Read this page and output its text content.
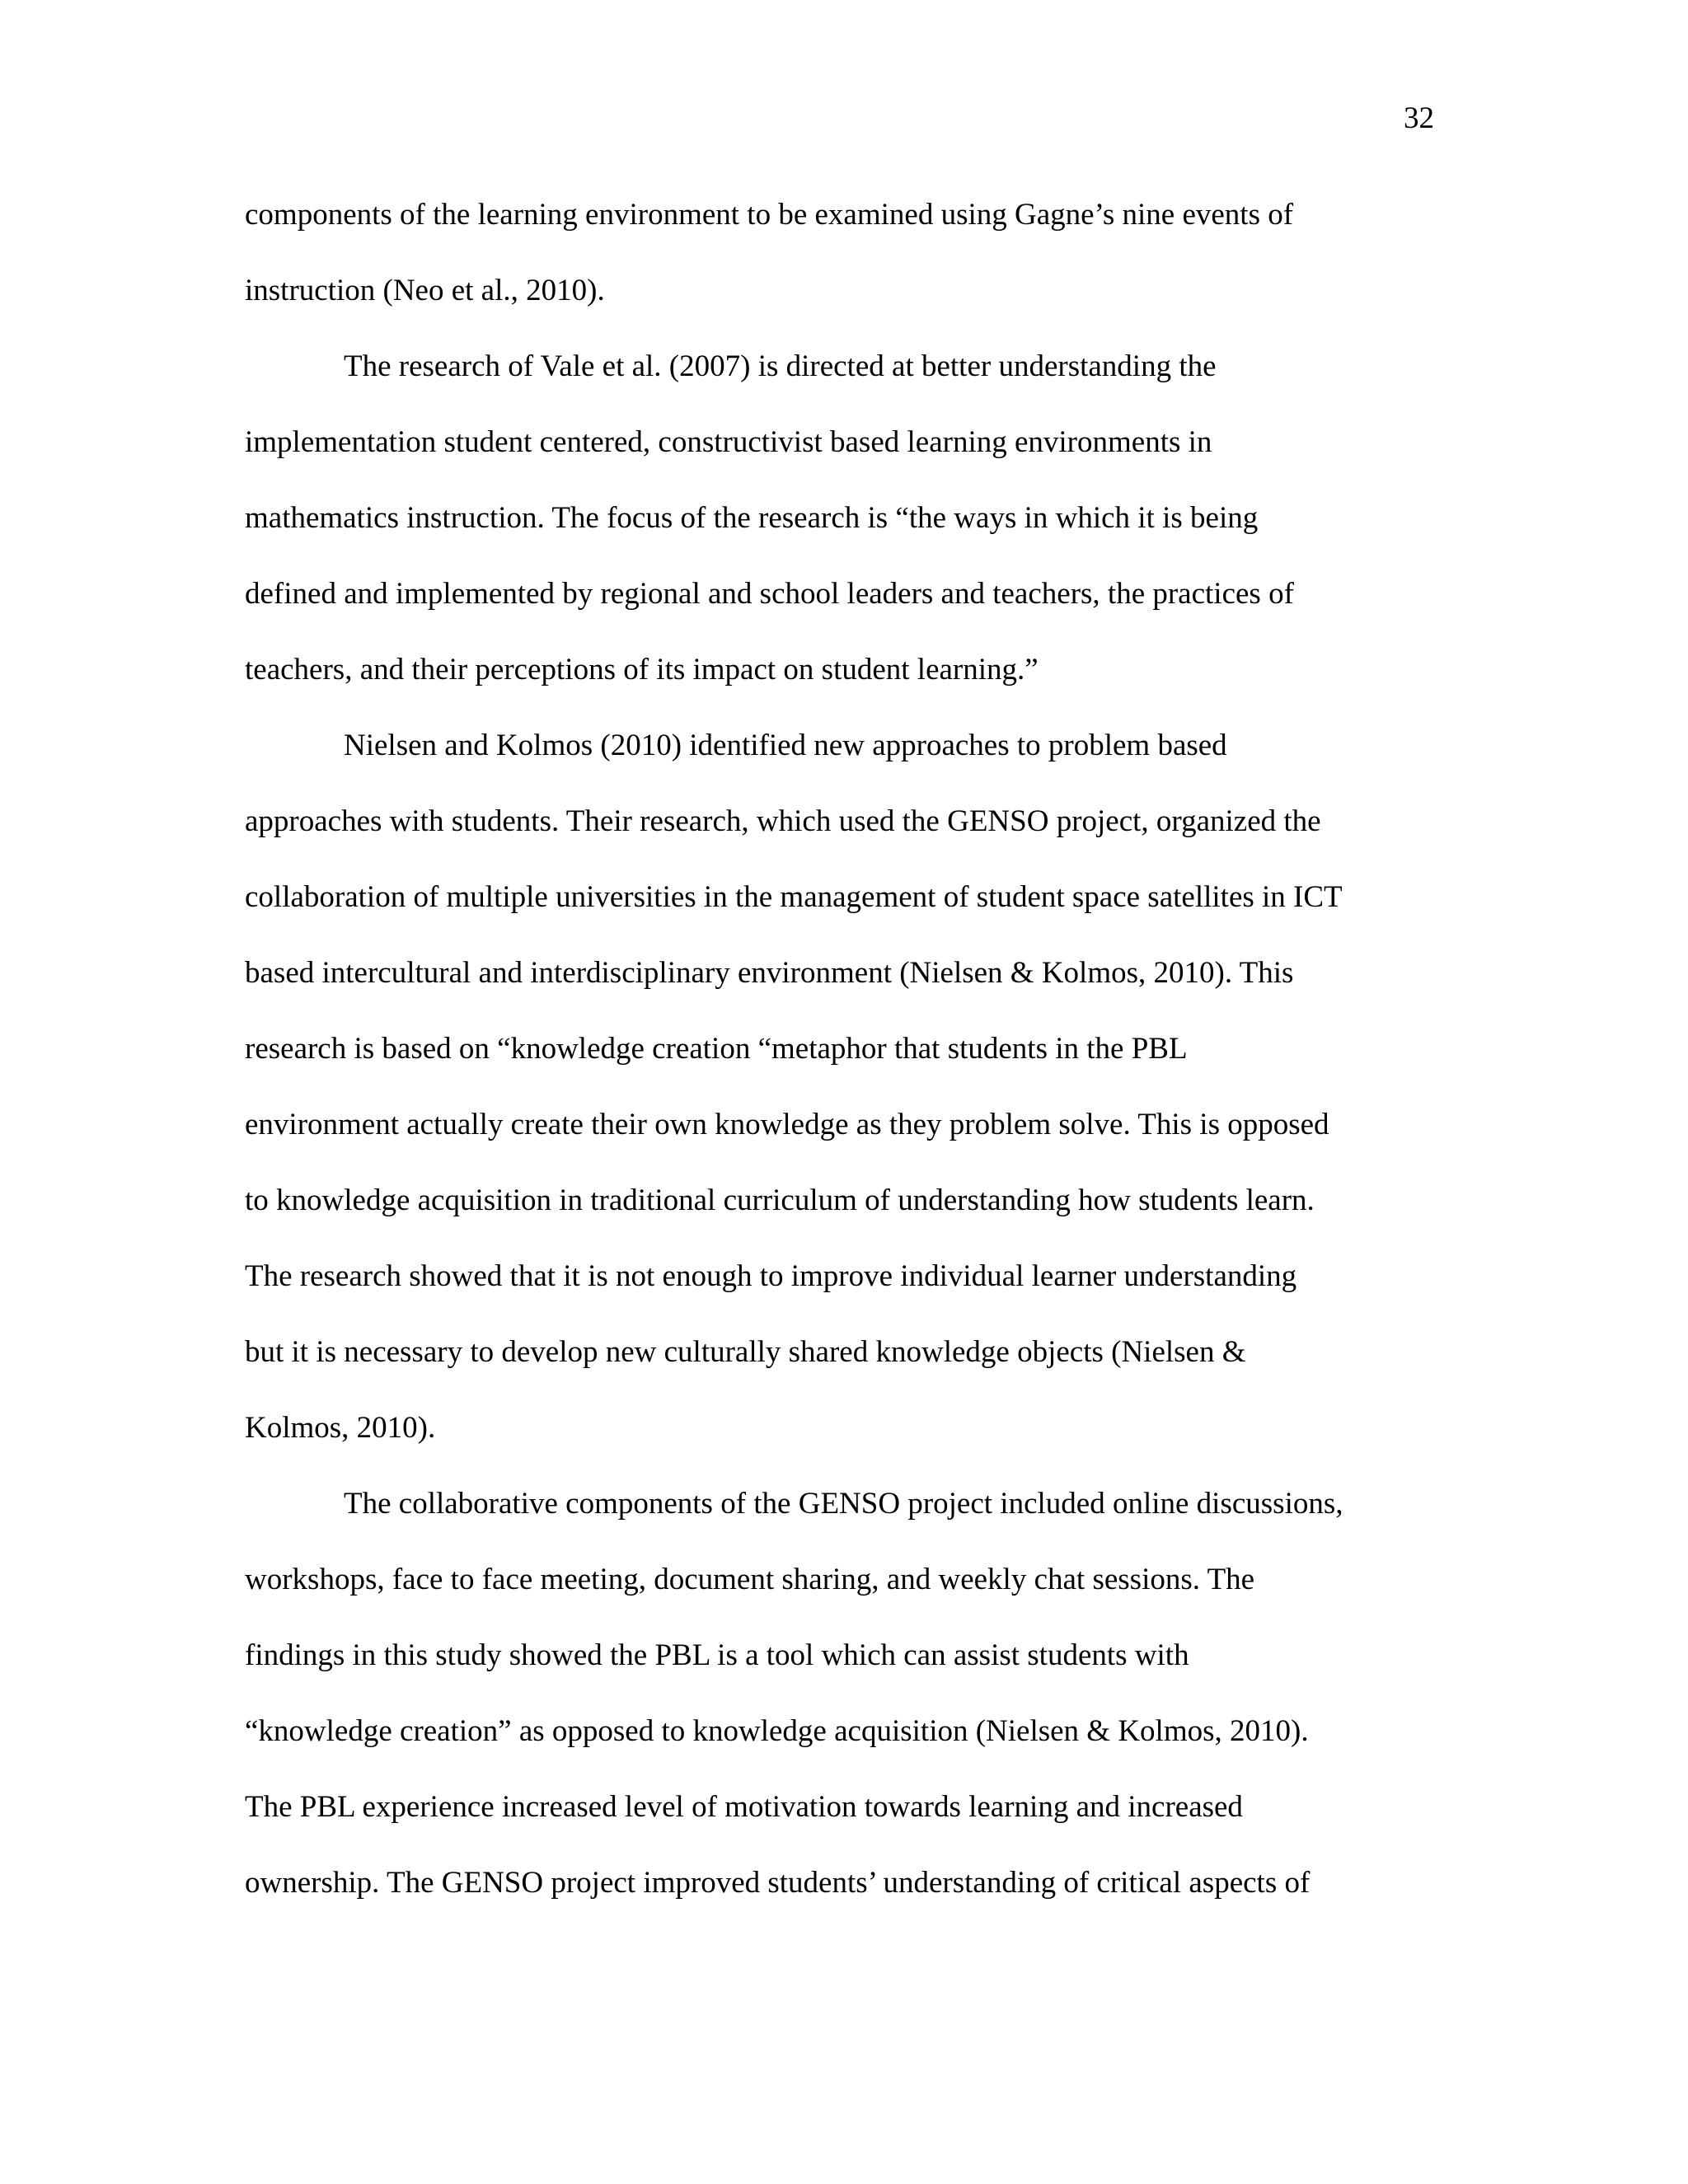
32
components of the learning environment to be examined using Gagne’s nine events of
instruction (Neo et al., 2010).
The research of Vale et al. (2007) is directed at better understanding the
implementation student centered, constructivist based learning environments in
mathematics instruction. The focus of the research is “the ways in which it is being
defined and implemented by regional and school leaders and teachers, the practices of
teachers, and their perceptions of its impact on student learning.”
Nielsen and Kolmos (2010) identified new approaches to problem based
approaches with students. Their research, which used the GENSO project, organized the
collaboration of multiple universities in the management of student space satellites in ICT
based intercultural and interdisciplinary environment (Nielsen & Kolmos, 2010). This
research is based on “knowledge creation “metaphor that students in the PBL
environment actually create their own knowledge as they problem solve. This is opposed
to knowledge acquisition in traditional curriculum of understanding how students learn.
The research showed that it is not enough to improve individual learner understanding
but it is necessary to develop new culturally shared knowledge objects (Nielsen &
Kolmos, 2010).
The collaborative components of the GENSO project included online discussions,
workshops, face to face meeting, document sharing, and weekly chat sessions. The
findings in this study showed the PBL is a tool which can assist students with
“knowledge creation” as opposed to knowledge acquisition (Nielsen & Kolmos, 2010).
The PBL experience increased level of motivation towards learning and increased
ownership. The GENSO project improved students’ understanding of critical aspects of
